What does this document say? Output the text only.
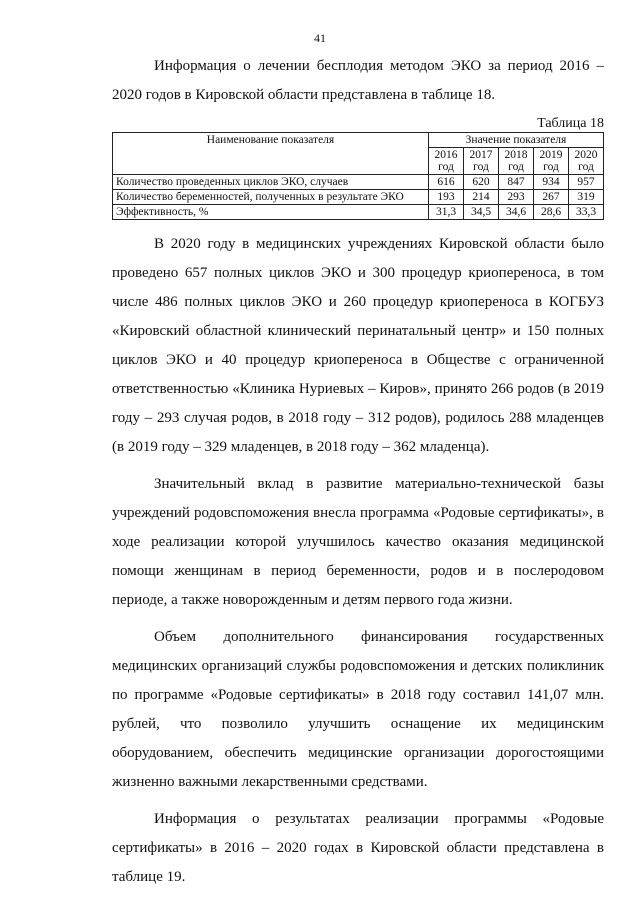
41

Информация о лечении бесплодия методом ЭКО за период 2016 – 2020 годов в Кировской области представлена в таблице 18.

Таблица 18
Наименование показателя	Значение показателя				
	2016 год	2017 год	2018 год	2019 год	2020 год
Количество проведенных циклов ЭКО, случаев	616	620	847	934	957
Количество беременностей, полученных в результате ЭКО	193	214	293	267	319
Эффективность, %	31,3	34,5	34,6	28,6	33,3

В 2020 году в медицинских учреждениях Кировской области было проведено 657 полных циклов ЭКО и 300 процедур криопереноса, в том числе 486 полных циклов ЭКО и 260 процедур криопереноса в КОГБУЗ «Кировский областной клинический перинатальный центр» и 150 полных циклов ЭКО и 40 процедур криопереноса в Обществе с ограниченной ответственностью «Клиника Нуриевых – Киров», принято 266 родов (в 2019 году – 293 случая родов, в 2018 году – 312 родов), родилось 288 младенцев (в 2019 году – 329 младенцев, в 2018 году – 362 младенца).

Значительный вклад в развитие материально-технической базы учреждений родовспоможения внесла программа «Родовые сертификаты», в ходе реализации которой улучшилось качество оказания медицинской помощи женщинам в период беременности, родов и в послеродовом периоде, а также новорожденным и детям первого года жизни.

Объем дополнительного финансирования государственных медицинских организаций службы родовспоможения и детских поликлиник по программе «Родовые сертификаты» в 2018 году составил 141,07 млн. рублей, что позволило улучшить оснащение их медицинским оборудованием, обеспечить медицинские организации дорогостоящими жизненно важными лекарственными средствами.

Информация о результатах реализации программы «Родовые сертификаты» в 2016 – 2020 годах в Кировской области представлена в таблице 19.
